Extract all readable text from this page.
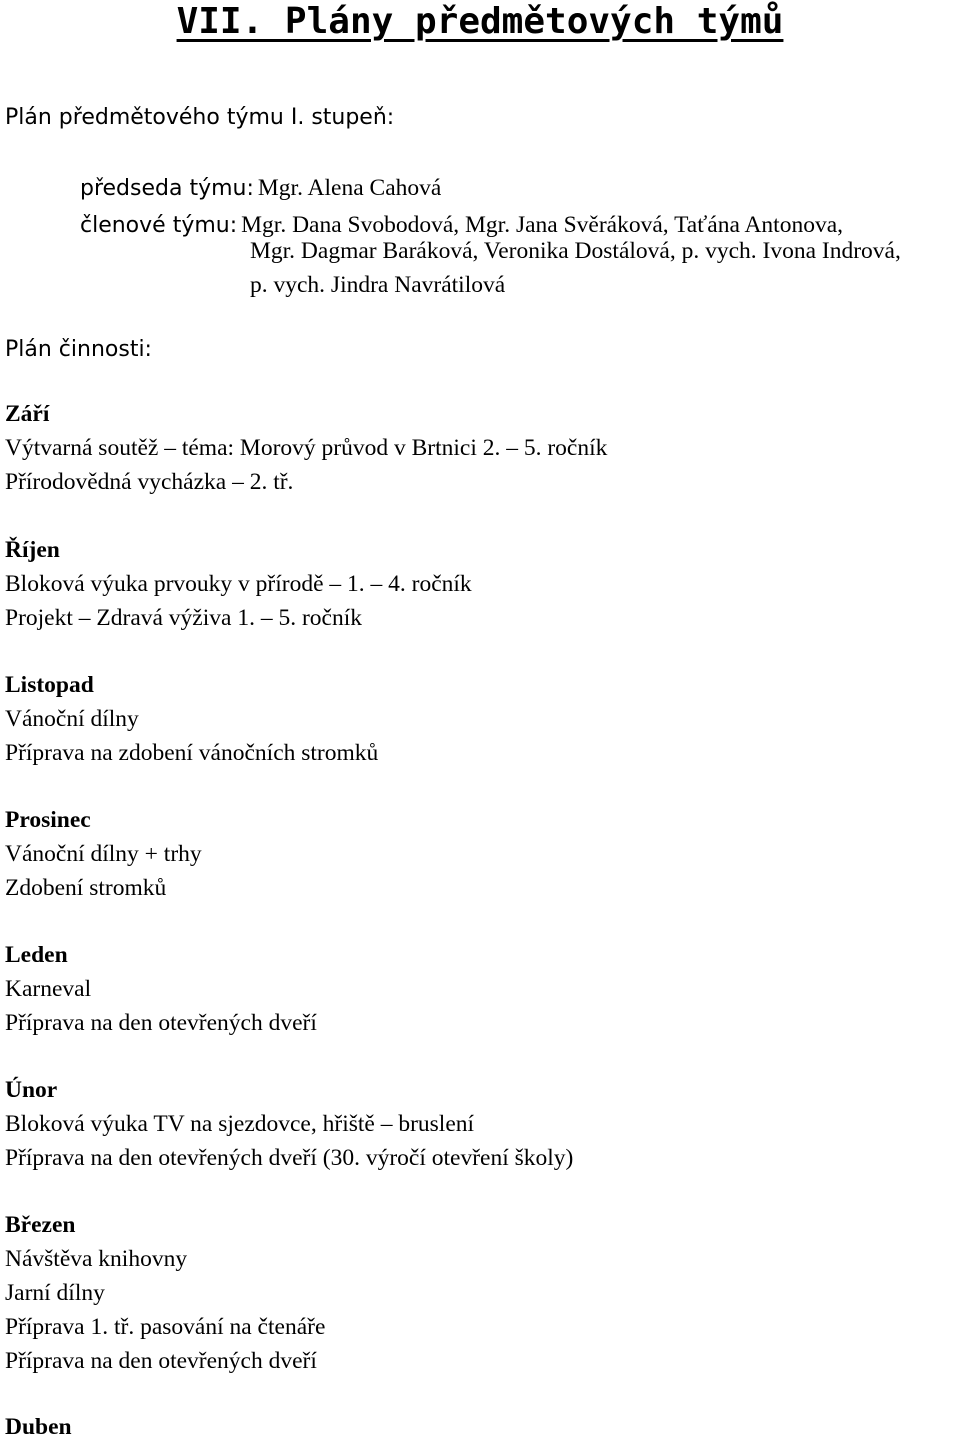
VII. Plány předmětových týmů
Plán předmětového týmu I. stupeň:
předseda týmu: Mgr. Alena Cahová
členové týmu: Mgr. Dana Svobodová, Mgr. Jana Svěráková, Taťána Antonova,
Mgr. Dagmar Baráková, Veronika Dostálová, p. vych. Ivona Indrová,
p. vych. Jindra Navrátilová
Plán činnosti:
Září
Výtvarná soutěž – téma: Morový průvod v Brtnici 2. – 5. ročník
Přírodovědná vycházka – 2. tř.
Říjen
Bloková výuka prvouky v přírodě – 1. – 4. ročník
Projekt – Zdravá výživa 1. – 5. ročník
Listopad
Vánoční dílny
Příprava na zdobení vánočních stromků
Prosinec
Vánoční dílny + trhy
Zdobení stromků
Leden
Karneval
Příprava na den otevřených dveří
Únor
Bloková výuka TV na sjezdovce, hřiště – bruslení
Příprava na den otevřených dveří (30. výročí otevření školy)
Březen
Návštěva knihovny
Jarní dílny
Příprava 1. tř. pasování na čtenáře
Příprava na den otevřených dveří
Duben
